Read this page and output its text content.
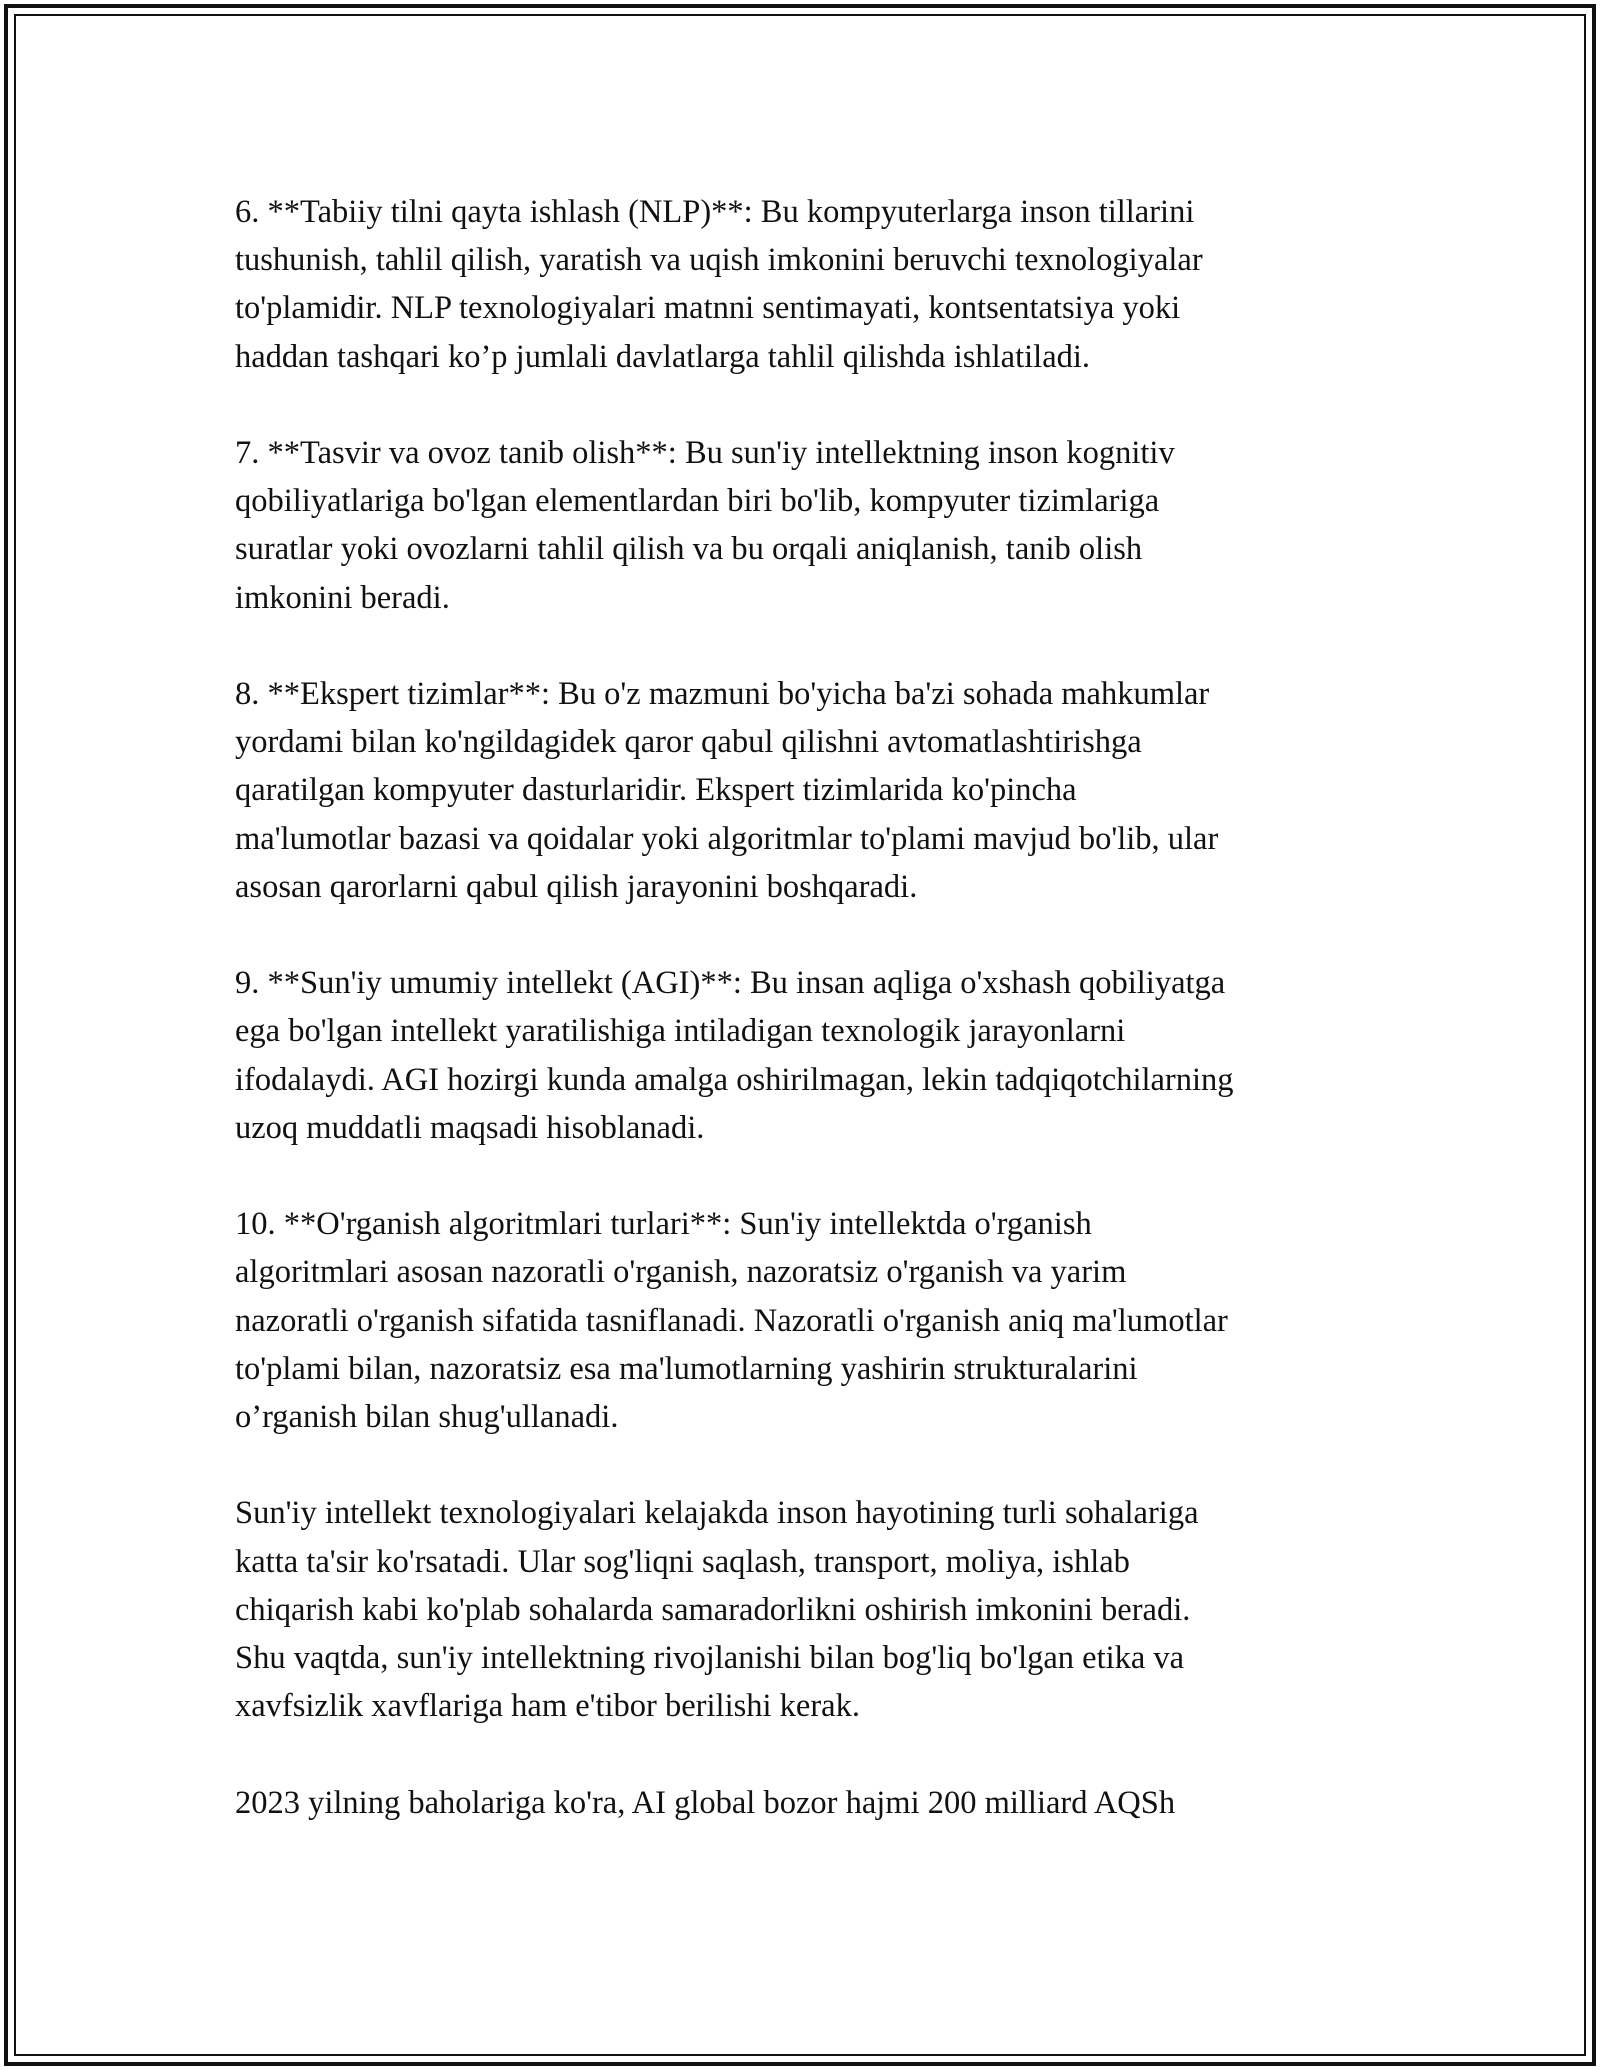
6. **Tabiiy tilni qayta ishlash (NLP)**: Bu kompyuterlarga inson tillarini
tushunish, tahlil qilish, yaratish va uqish imkonini beruvchi texnologiyalar
to'plamidir. NLP texnologiyalari matnni sentimayati, kontsentatsiya yoki
haddan tashqari ko’p jumlali davlatlarga tahlil qilishda ishlatiladi.

7. **Tasvir va ovoz tanib olish**: Bu sun'iy intellektning inson kognitiv
qobiliyatlariga bo'lgan elementlardan biri bo'lib, kompyuter tizimlariga
suratlar yoki ovozlarni tahlil qilish va bu orqali aniqlanish, tanib olish
imkonini beradi.

8. **Ekspert tizimlar**: Bu o'z mazmuni bo'yicha ba'zi sohada mahkumlar
yordami bilan ko'ngildagidek qaror qabul qilishni avtomatlashtirishga
qaratilgan kompyuter dasturlaridir. Ekspert tizimlarida ko'pincha
ma'lumotlar bazasi va qoidalar yoki algoritmlar to'plami mavjud bo'lib, ular
asosan qarorlarni qabul qilish jarayonini boshqaradi.

9. **Sun'iy umumiy intellekt (AGI)**: Bu insan aqliga o'xshash qobiliyatga
ega bo'lgan intellekt yaratilishiga intiladigan texnologik jarayonlarni
ifodalaydi. AGI hozirgi kunda amalga oshirilmagan, lekin tadqiqotchilarning
uzoq muddatli maqsadi hisoblanadi.

10. **O'rganish algoritmlari turlari**: Sun'iy intellektda o'rganish
algoritmlari asosan nazoratli o'rganish, nazoratsiz o'rganish va yarim
nazoratli o'rganish sifatida tasniflanadi. Nazoratli o'rganish aniq ma'lumotlar
to'plami bilan, nazoratsiz esa ma'lumotlarning yashirin strukturalarini
o’rganish bilan shug'ullanadi.

Sun'iy intellekt texnologiyalari kelajakda inson hayotining turli sohalariga
katta ta'sir ko'rsatadi. Ular sog'liqni saqlash, transport, moliya, ishlab
chiqarish kabi ko'plab sohalarda samaradorlikni oshirish imkonini beradi.
Shu vaqtda, sun'iy intellektning rivojlanishi bilan bog'liq bo'lgan etika va
xavfsizlik xavflariga ham e'tibor berilishi kerak.

2023 yilning baholariga ko'ra, AI global bozor hajmi 200 milliard AQSh
